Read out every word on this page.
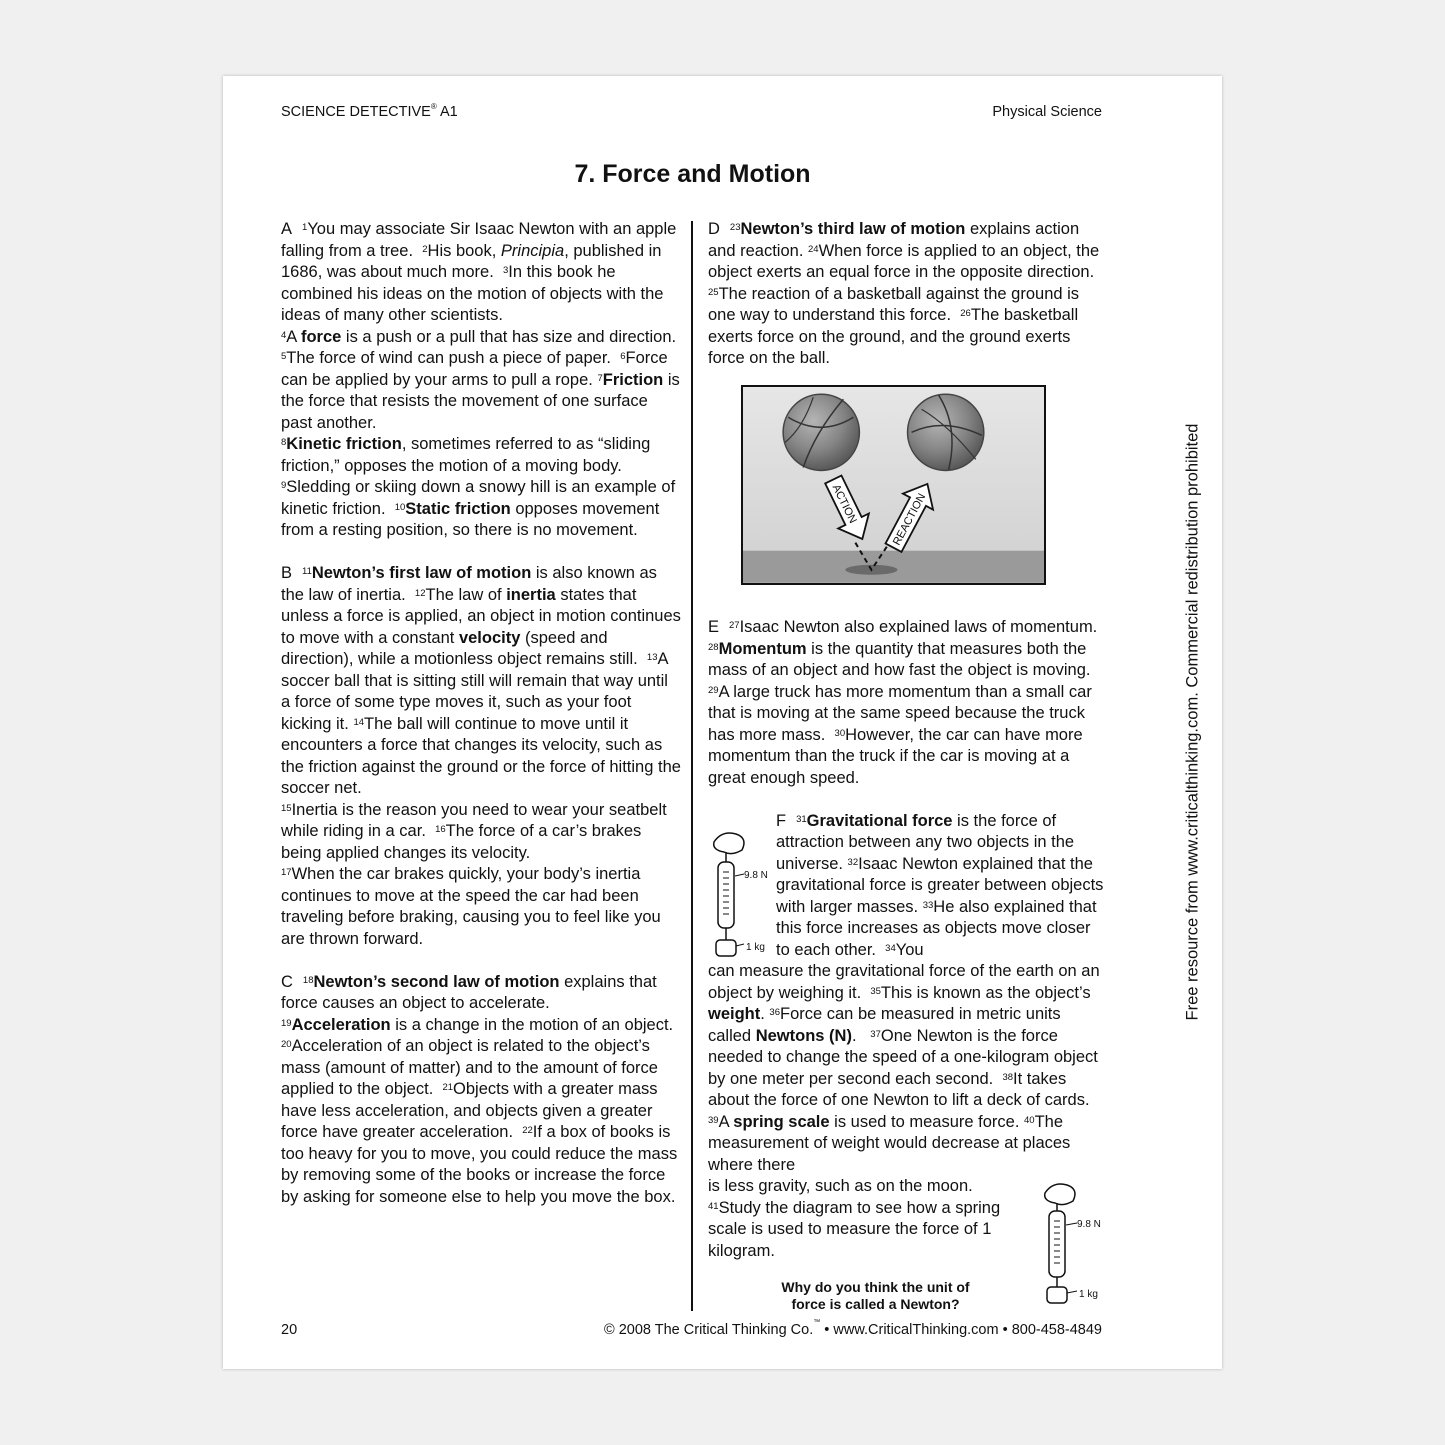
SCIENCE DETECTIVE® A1	Physical Science
7. Force and Motion

A $^1$You may associate Sir Isaac Newton with an apple falling from a tree.  $^2$His book, Principia, published in 1686, was about much more.  $^3$In this book he combined his ideas on the motion of objects with the ideas of many other scientists.
$^4$A force is a push or a pull that has size and direction.  $^5$The force of wind can push a piece of paper.  $^6$Force can be applied by your arms to pull a rope. $^7$Friction is the force that resists the movement of one surface past another.
$^8$Kinetic friction, sometimes referred to as “sliding friction,” opposes the motion of a moving body.  $^9$Sledding or skiing down a snowy hill is an example of kinetic friction.  $^{10}$Static friction opposes movement from a resting position, so there is no movement.

B $^{11}$Newton’s first law of motion is also known as the law of inertia.  $^{12}$The law of inertia states that unless a force is applied, an object in motion continues to move with a constant velocity (speed and direction), while a motionless object remains still.  $^{13}$A soccer ball that is sitting still will remain that way until a force of some type moves it, such as your foot kicking it. $^{14}$The ball will continue to move until it encounters a force that changes its velocity, such as the friction against the ground or the force of hitting the soccer net.
$^{15}$Inertia is the reason you need to wear your seatbelt while riding in a car.  $^{16}$The force of a car’s brakes being applied changes its velocity.
$^{17}$When the car brakes quickly, your body’s inertia continues to move at the speed the car had been traveling before braking, causing you to feel like you are thrown forward.

C $^{18}$Newton’s second law of motion explains that force causes an object to accelerate.
$^{19}$Acceleration is a change in the motion of an object. $^{20}$Acceleration of an object is related to the object’s mass (amount of matter) and to the amount of force applied to the object.  $^{21}$Objects with a greater mass have less acceleration, and objects given a greater force have greater acceleration.  $^{22}$If a box of books is too heavy for you to move, you could reduce the mass by removing some of the books or increase the force by asking for someone else to help you move the box.

D $^{23}$Newton’s third law of motion explains action and reaction. $^{24}$When force is applied to an object, the object exerts an equal force in the opposite direction.   $^{25}$The reaction of a basketball against the ground is one way to understand this force.  $^{26}$The basketball exerts force on the ground, and the ground exerts force on the ball.

E $^{27}$Isaac Newton also explained laws of momentum.  $^{28}$Momentum is the quantity that measures both the mass of an object and how fast the object is moving.  $^{29}$A large truck has more momentum than a small car that is moving at the same speed because the truck has more mass.  $^{30}$However, the car can have more momentum than the truck if the car is moving at a great enough speed.

F $^{31}$Gravitational force is the force of attraction between any two objects in the universe. $^{32}$Isaac Newton explained that the gravitational force is greater between objects with larger masses. $^{33}$He also explained that this force increases as objects move closer to each other.  $^{34}$You
can measure the gravitational force of the earth on an object by weighing it.  $^{35}$This is known as the object’s weight. $^{36}$Force can be measured in metric units called Newtons (N).   $^{37}$One Newton is the force needed to change the speed of a one-kilogram object by one meter per second each second.  $^{38}$It takes about the force of one Newton to lift a deck of cards.  $^{39}$A spring scale is used to measure force. $^{40}$The measurement of weight would decrease at places where there
is less gravity, such as on the moon.
$^{41}$Study the diagram to see how a spring
scale is used to measure the force of 1
kilogram.

ACTION	REACTION
9.8 N
1 kg
9.8 N
1 kg
Why do you think the unit of force is called a Newton?
20	© 2008 The Critical Thinking Co.™ • www.CriticalThinking.com • 800-458-4849
Free resource from www.criticalthinking.com. Commercial redistribution prohibited
